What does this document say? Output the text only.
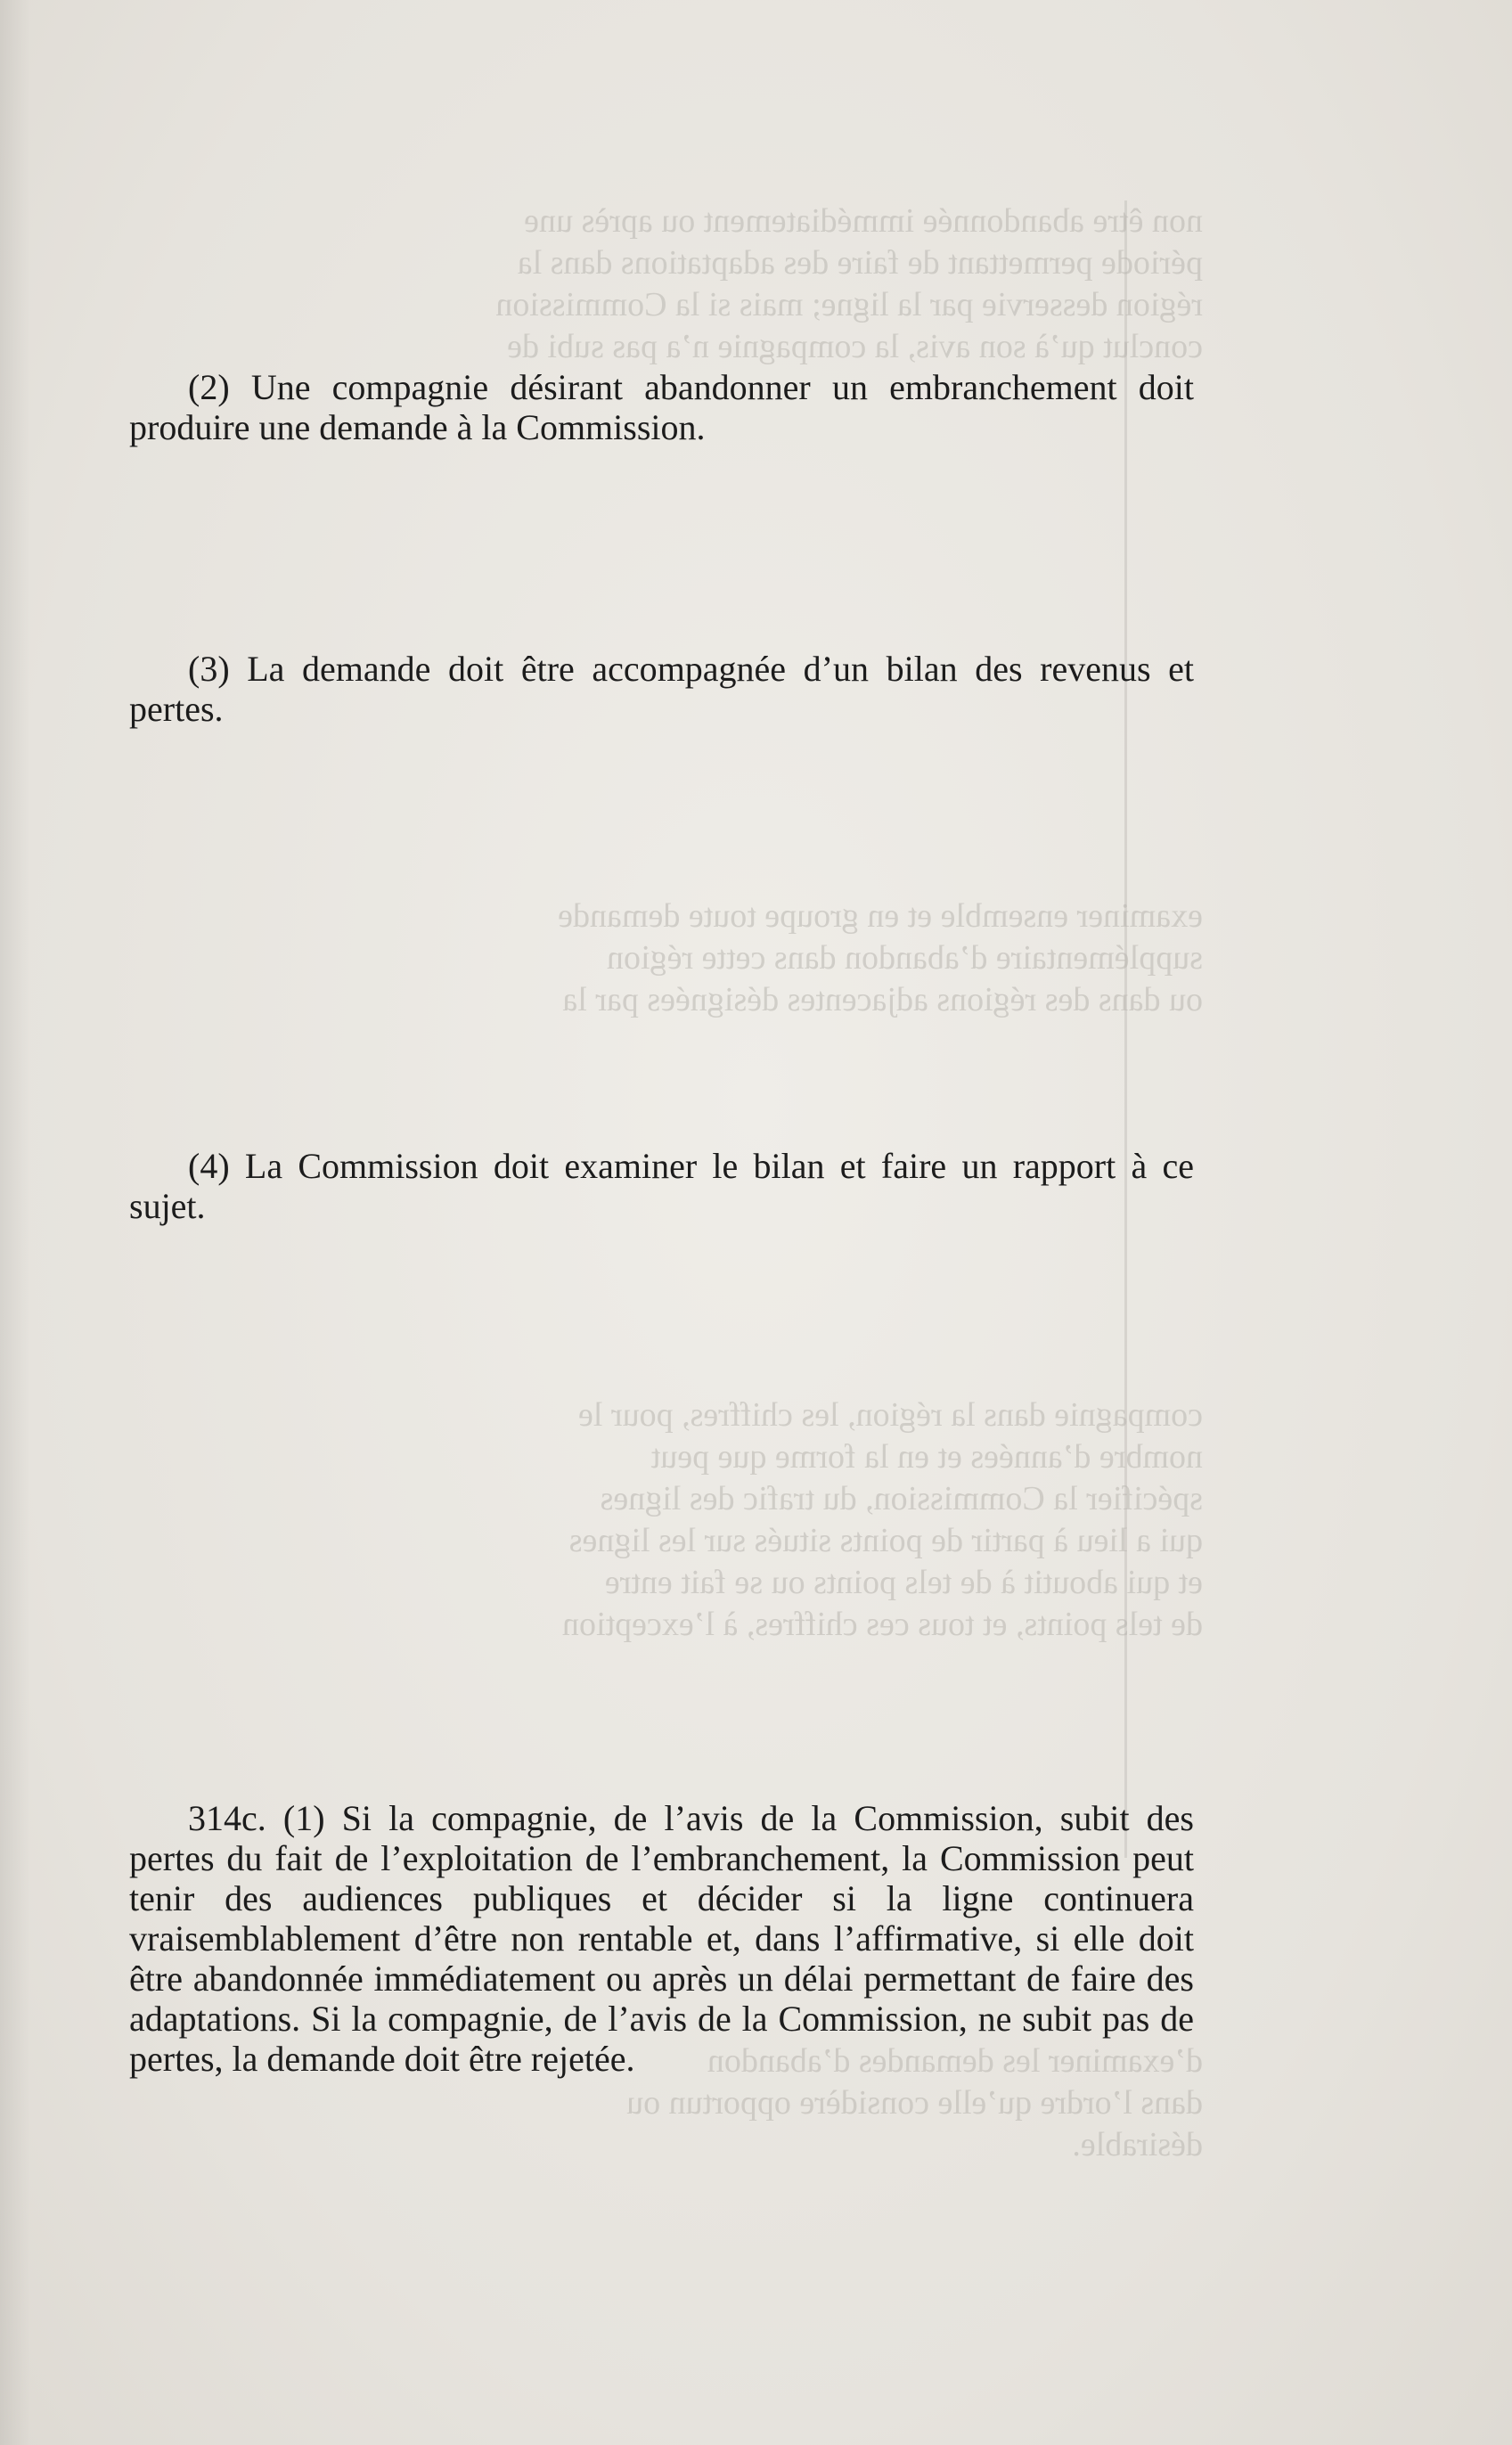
non être abandonnée immédiatement ou après une
période permettant de faire des adaptations dans la
région desservie par la ligne; mais si la Commission
conclut qu’à son avis, la compagnie n’a pas subi de
examiner ensemble et en groupe toute demande
supplémentaire d’abandon dans cette région
ou dans des régions adjacentes désignées par la
compagnie dans la région, les chiffres, pour le
nombre d’années et en la forme que peut
spécifier la Commission, du trafic des lignes
qui a lieu à partir de points situés sur les lignes
et qui aboutit à de tels points ou se fait entre
de tels points, et tous ces chiffres, à l’exception
d’examiner les demandes d’abandon
dans l’ordre qu’elle considère opportun ou
désirable.

(2) Une compagnie désirant abandonner un embranchement doit produire une demande à la Commission.

(3) La demande doit être accompagnée d’un bilan des revenus et pertes.

(4) La Commission doit examiner le bilan et faire un rapport à ce sujet.

314c. (1) Si la compagnie, de l’avis de la Commission, subit des pertes du fait de l’exploitation de l’embranchement, la Commission peut tenir des audiences publiques et décider si la ligne continuera vraisemblablement d’être non rentable et, dans l’affirmative, si elle doit être abandonnée immédiatement ou après un délai permettant de faire des adaptations. Si la compagnie, de l’avis de la Commission, ne subit pas de pertes, la demande doit être rejetée.
